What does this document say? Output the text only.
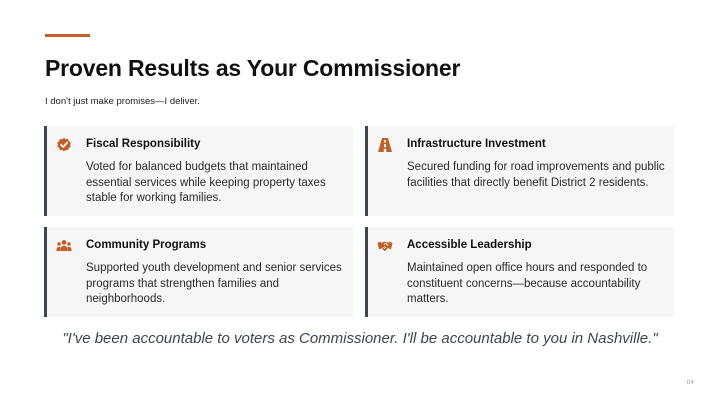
Proven Results as Your Commissioner
I don't just make promises—I deliver.
Fiscal Responsibility
Voted for balanced budgets that maintained essential services while keeping property taxes stable for working families.
Infrastructure Investment
Secured funding for road improvements and public facilities that directly benefit District 2 residents.
Community Programs
Supported youth development and senior services programs that strengthen families and neighborhoods.
Accessible Leadership
Maintained open office hours and responded to constituent concerns—because accountability matters.
"I've been accountable to voters as Commissioner. I'll be accountable to you in Nashville."
04
